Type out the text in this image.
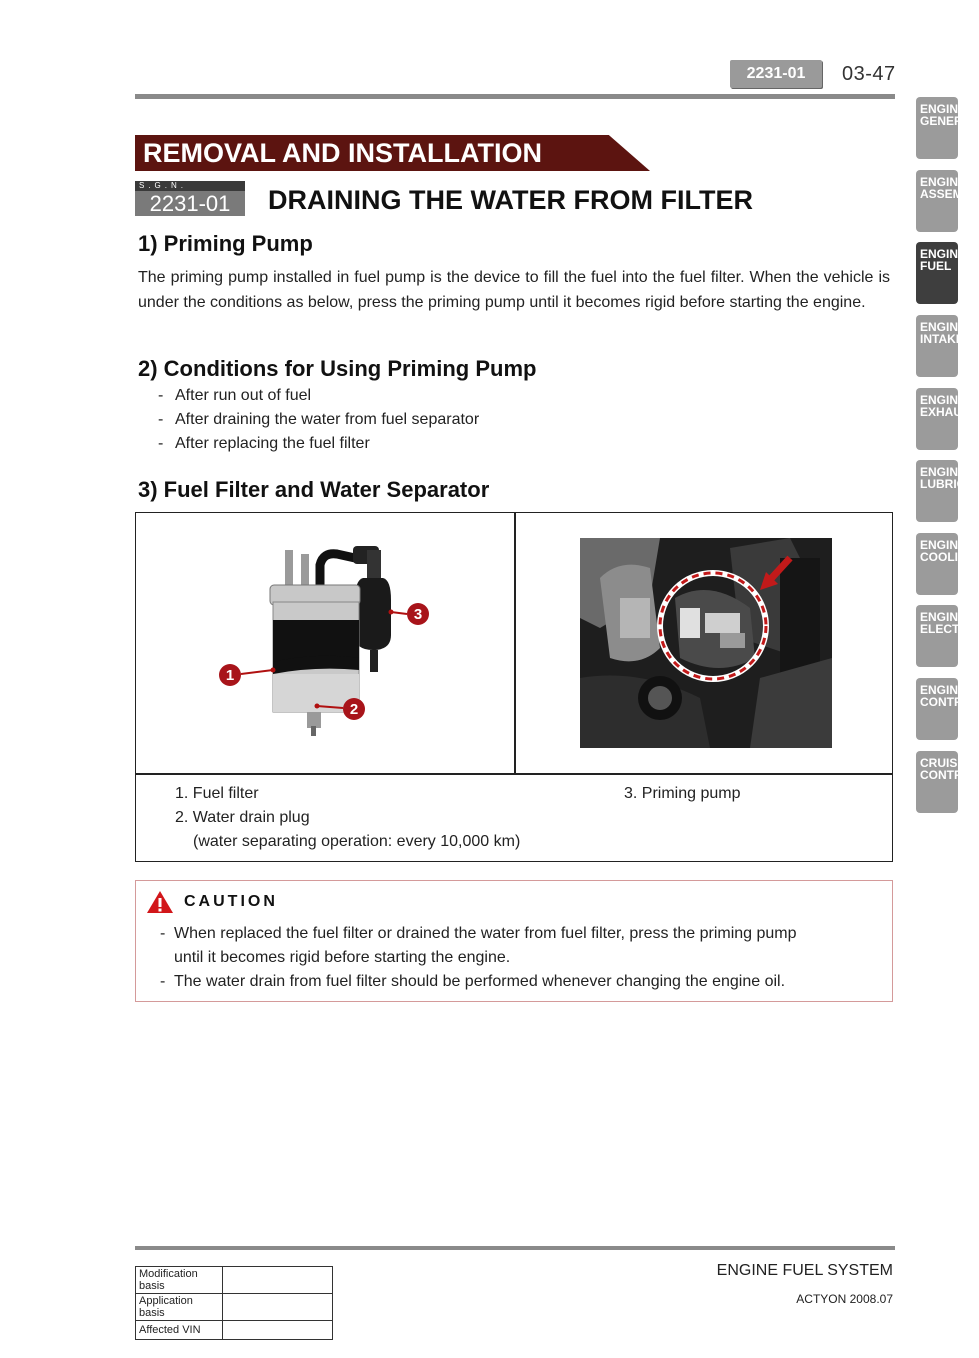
2231-01	03-47
REMOVAL AND INSTALLATION
S.G.N.
2231-01	DRAINING THE WATER FROM FILTER
1) Priming Pump
The priming pump installed in fuel pump is the device to fill the fuel into the fuel filter. When the vehicle is under the conditions as below, press the priming pump until it becomes rigid before starting the engine.
2) Conditions for Using Priming Pump
- After run out of fuel
- After draining the water from fuel separator
- After replacing the fuel filter
3) Fuel Filter and Water Separator
1
2
3
1. Fuel filter
2. Water drain plug
(water separating operation: every 10,000 km)
3. Priming pump
CAUTION
- When replaced the fuel filter or drained the water from fuel filter, press the priming pump
until it becomes rigid before starting the engine.
- The water drain from fuel filter should be performed whenever changing the engine oil.
ENGINE
GENERA
ENGINE
ASSEMBL
ENGINE
FUEL
ENGINE
INTAKE
ENGINE
EXHAUST
ENGINE
LUBRICA
ENGINE
COOLING
ENGINE
ELECTRI
ENGINE
CONTRO
CRUISE
CONTRO
Modification basis	
Application basis	
Affected VIN	
ENGINE FUEL SYSTEM
ACTYON 2008.07
